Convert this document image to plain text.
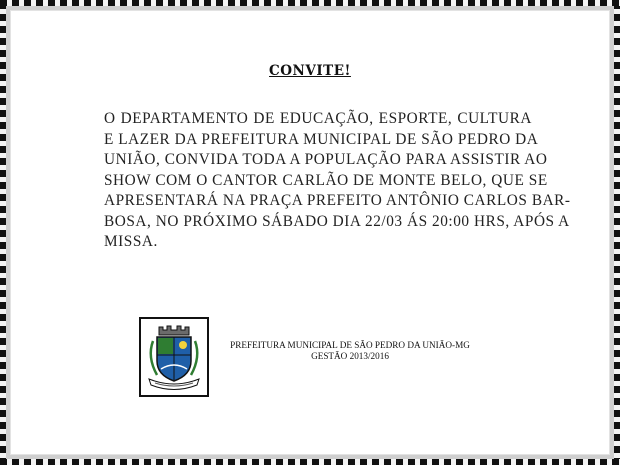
CONVITE!

O DEPARTAMENTO DE EDUCAÇÃO, ESPORTE, CULTURA
E LAZER DA PREFEITURA MUNICIPAL DE SÃO PEDRO DA
UNIÃO, CONVIDA TODA A POPULAÇÃO PARA ASSISTIR AO
SHOW COM O CANTOR CARLÃO DE MONTE BELO, QUE SE
APRESENTARÁ NA PRAÇA PREFEITO ANTÔNIO CARLOS BAR-
BOSA, NO PRÓXIMO SÁBADO DIA 22/03 ÁS 20:00 HRS, APÓS A
MISSA.

PREFEITURA MUNICIPAL DE SÃO PEDRO DA UNIÃO-MG
GESTÃO 2013/2016
